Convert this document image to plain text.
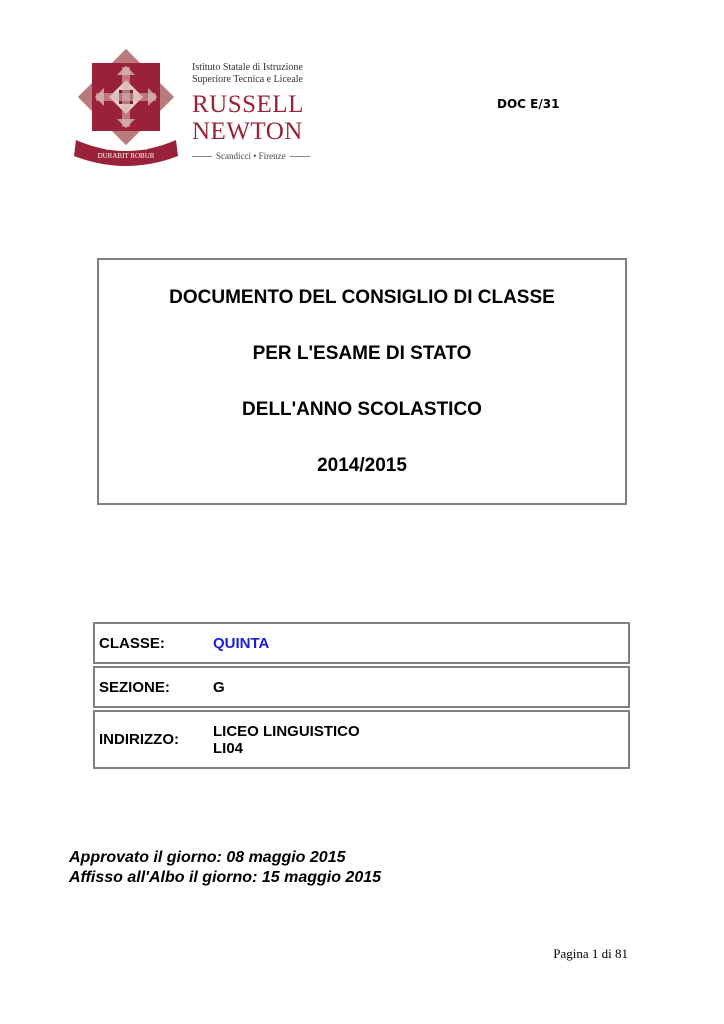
COLLECTUM
DURABIT ROBUR
Istituto Statale di Istruzione
Superiore Tecnica e Liceale
RUSSELL
NEWTON
Scandicci • Firenze
DOC E/31
DOCUMENTO DEL CONSIGLIO DI CLASSE
PER L'ESAME DI STATO
DELL'ANNO SCOLASTICO
2014/2015
CLASSE:	QUINTA
SEZIONE:	G
INDIRIZZO:	LICEO LINGUISTICO
LI04
Approvato il giorno: 08 maggio 2015
Affisso all'Albo il giorno: 15 maggio 2015
Pagina 1 di 81
